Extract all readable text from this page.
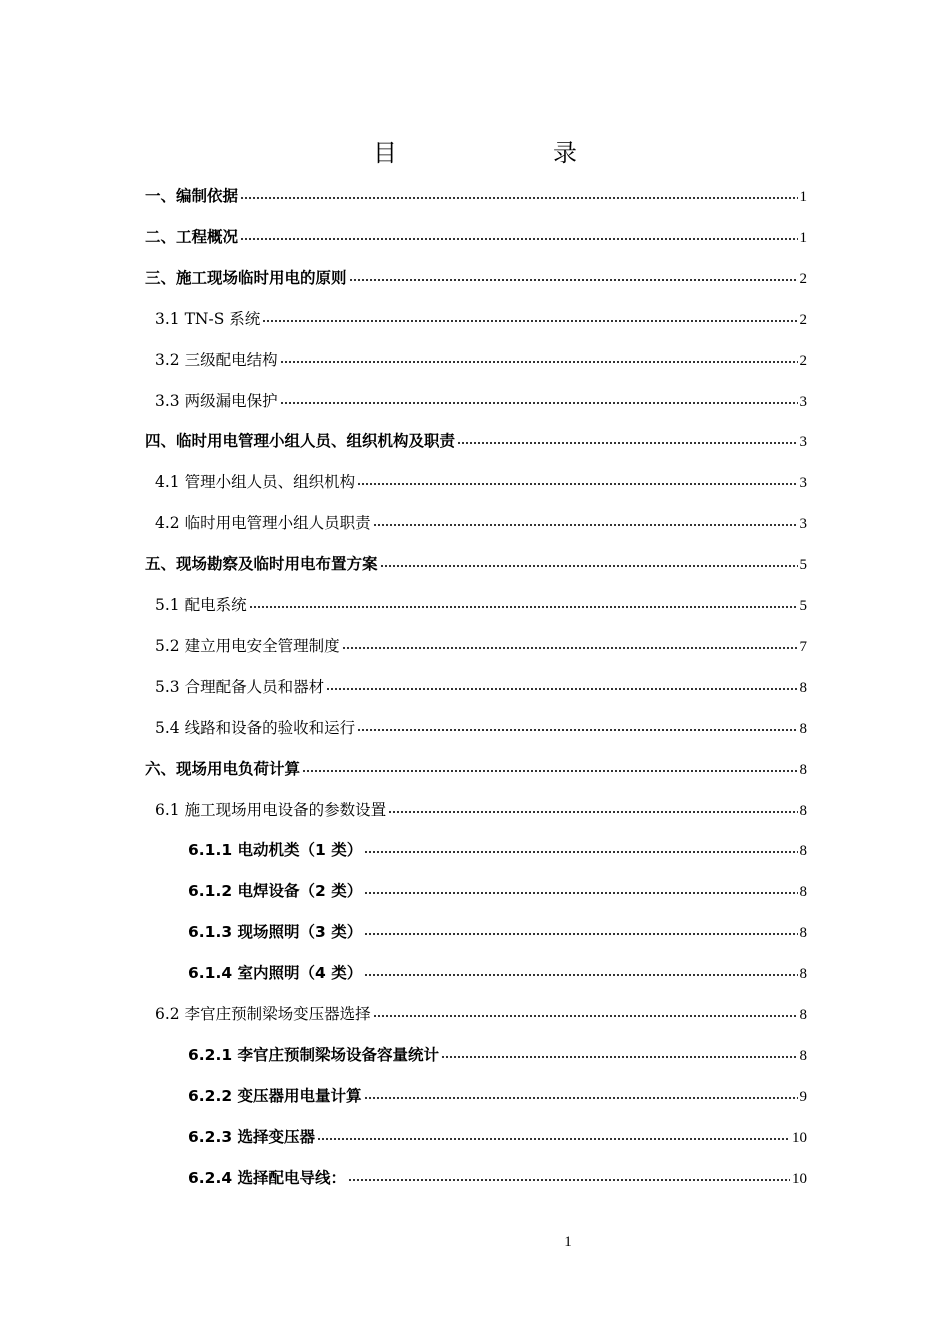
目　　录
一、编制依据	1
二、工程概况	1
三、施工现场临时用电的原则	2
3.1 TN-S 系统	2
3.2 三级配电结构	2
3.3 两级漏电保护	3
四、临时用电管理小组人员、组织机构及职责	3
4.1 管理小组人员、组织机构	3
4.2 临时用电管理小组人员职责	3
五、现场勘察及临时用电布置方案	5
5.1 配电系统	5
5.2 建立用电安全管理制度	7
5.3 合理配备人员和器材	8
5.4 线路和设备的验收和运行	8
六、现场用电负荷计算	8
6.1 施工现场用电设备的参数设置	8
6.1.1 电动机类（1 类）	8
6.1.2 电焊设备（2 类）	8
6.1.3 现场照明（3 类）	8
6.1.4 室内照明（4 类）	8
6.2 李官庄预制梁场变压器选择	8
6.2.1 李官庄预制梁场设备容量统计	8
6.2.2 变压器用电量计算	9
6.2.3 选择变压器	10
6.2.4 选择配电导线：	10
1
